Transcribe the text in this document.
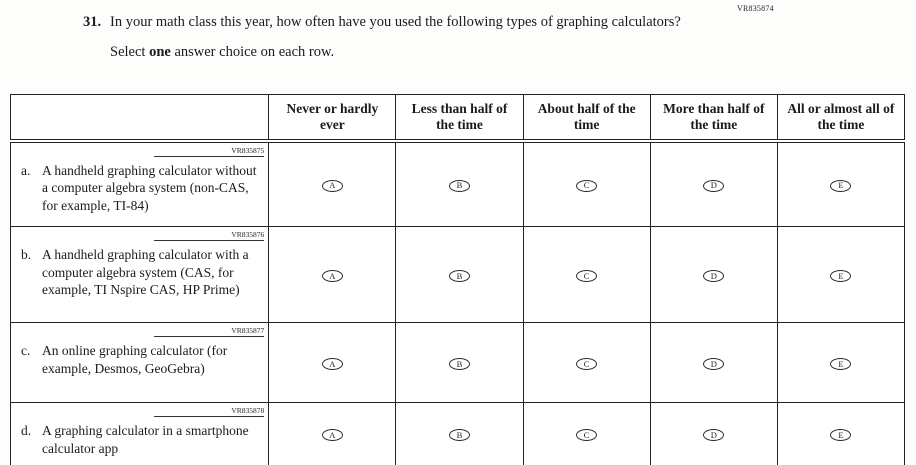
VR835874
31. In your math class this year, how often have you used the following types of graphing calculators?
Select one answer choice on each row.
	Never or hardly ever	Less than half of the time	About half of the time	More than half of the time	All or almost all of the time

VR835875
a. A handheld graphing calculator without a computer algebra system (non-CAS, for example, TI-84)	A	B	C	D	E

VR835876
b. A handheld graphing calculator with a computer algebra system (CAS, for example, TI Nspire CAS, HP Prime)	A	B	C	D	E

VR835877
c. An online graphing calculator (for example, Desmos, GeoGebra)	A	B	C	D	E

VR835878
d. A graphing calculator in a smartphone calculator app	A	B	C	D	E
